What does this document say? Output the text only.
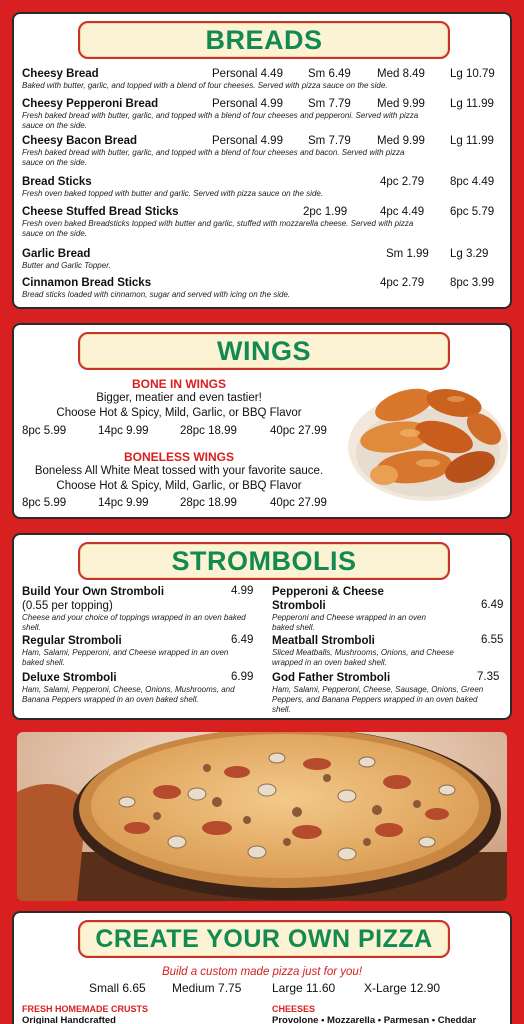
BREADS
Cheesy Bread
Baked with butter, garlic, and topped with a blend of four cheeses. Served with pizza sauce on the side.
Personal 4.49 Sm 6.49 Med 8.49 Lg 10.79
Cheesy Pepperoni Bread
Fresh baked bread with butter, garlic, and topped with a blend of four cheeses and pepperoni. Served with pizza sauce on the side.
Personal 4.99 Sm 7.79 Med 9.99 Lg 11.99
Cheesy Bacon Bread
Fresh baked bread with butter, garlic, and topped with a blend of four cheeses and bacon. Served with pizza sauce on the side.
Personal 4.99 Sm 7.79 Med 9.99 Lg 11.99
Bread Sticks
Fresh oven baked topped with butter and garlic. Served with pizza sauce on the side.
4pc 2.79 8pc 4.49
Cheese Stuffed Bread Sticks
Fresh oven baked Breadsticks topped with butter and garlic, stuffed with mozzarella cheese. Served with pizza sauce on the side.
2pc 1.99	4pc 4.49 6pc 5.79
Garlic Bread
Butter and Garlic Topper.
Sm 1.99 Lg 3.29
Cinnamon Bread Sticks
Bread sticks loaded with cinnamon, sugar and served with icing on the side.
4pc 2.79 8pc 3.99
WINGS
BONE IN WINGS
Bigger, meatier and even tastier!
Choose Hot & Spicy, Mild, Garlic, or BBQ Flavor
8pc 5.99	14pc 9.99	28pc 18.99	40pc 27.99
BONELESS WINGS
Boneless All White Meat tossed with your favorite sauce.
Choose Hot & Spicy, Mild, Garlic, or BBQ Flavor
8pc 5.99	14pc 9.99	28pc 18.99	40pc 27.99
STROMBOLIS
Build Your Own Stromboli	4.99
(0.55 per topping)
Cheese and your choice of toppings wrapped in an oven baked shell.
Regular Stromboli	6.49
Ham, Salami, Pepperoni, and Cheese wrapped in an oven baked shell.
Deluxe Stromboli	6.99
Ham, Salami, Pepperoni, Cheese, Onions, Mushrooms, and Banana Peppers wrapped in an oven baked shell.
Pepperoni & Cheese
Stromboli	6.49
Pepperoni and Cheese wrapped in an oven baked shell.
Meatball Stromboli	6.55
Sliced Meatballs, Mushrooms, Onions, and Cheese wrapped in an oven baked shell.
God Father Stromboli	7.35
Ham, Salami, Pepperoni, Cheese, Sausage, Onions, Green Peppers, and Banana Peppers wrapped in an oven baked shell.
CREATE YOUR OWN PIZZA
Build a custom made pizza just for you!
Small 6.65 Medium 7.75	Large 11.60 X-Large 12.90
FRESH HOMEMADE CRUSTS
Original Handcrafted
CHEESES
Provolone • Mozzarella • Parmesan • Cheddar
